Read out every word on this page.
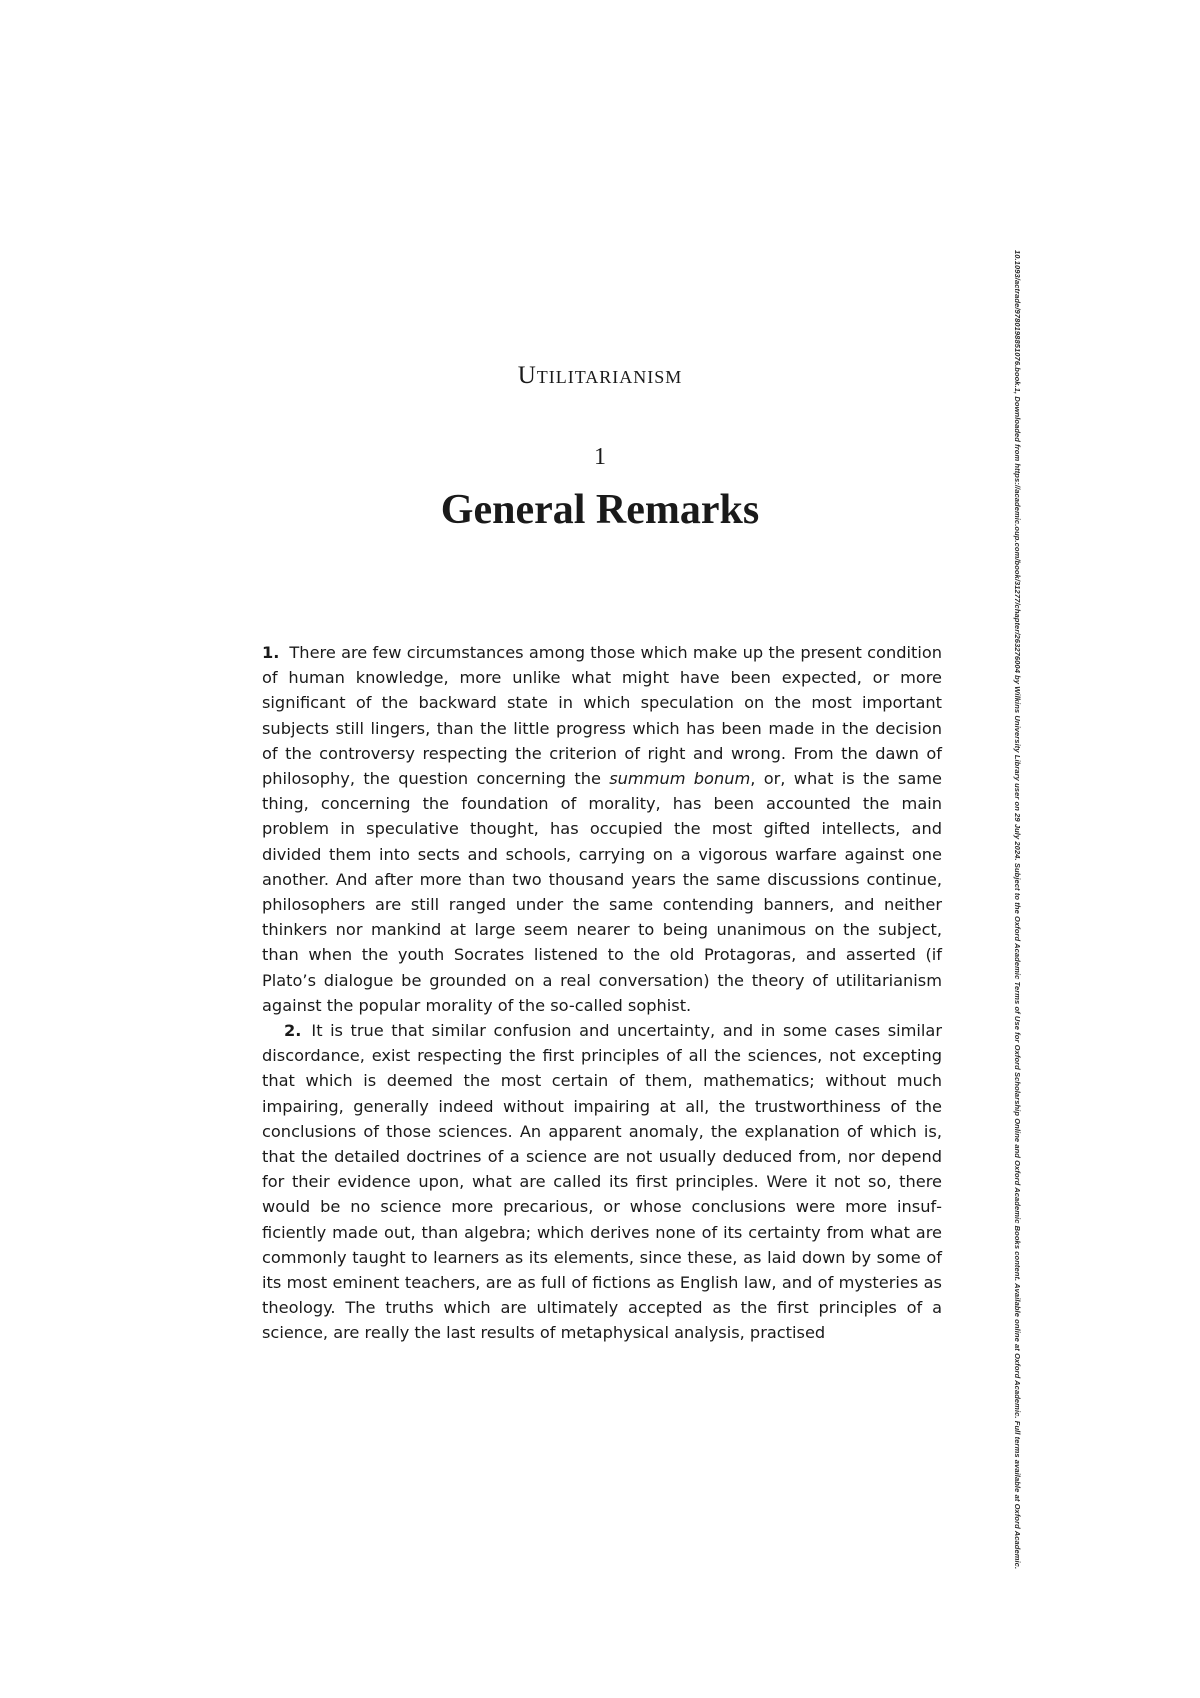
Utilitarianism
1
General Remarks

1. There are few circumstances among those which make up the present condition of human knowledge, more unlike what might have been expected, or more significant of the backward state in which speculation on the most important subjects still lingers, than the little progress which has been made in the decision of the controversy respecting the criterion of right and wrong. From the dawn of philosophy, the question concerning the summum bonum, or, what is the same thing, concerning the foundation of morality, has been accounted the main problem in speculative thought, has occupied the most gifted intellects, and divided them into sects and schools, carrying on a vigorous warfare against one another. And after more than two thousand years the same discussions continue, philosophers are still ranged under the same contending banners, and neither thinkers nor mankind at large seem nearer to being unanimous on the subject, than when the youth Socrates listened to the old Protagoras, and asserted (if Plato’s dialogue be grounded on a real conversation) the theory of utilitarianism against the popular morality of the so-called sophist.

2. It is true that similar confusion and uncertainty, and in some cases similar discordance, exist respecting the first principles of all the sciences, not excepting that which is deemed the most certain of them, mathematics; without much impairing, generally indeed without impairing at all, the trustworthiness of the conclusions of those sciences. An apparent anomaly, the explanation of which is, that the detailed doctrines of a science are not usually deduced from, nor depend for their evidence upon, what are called its first principles. Were it not so, there would be no science more precarious, or whose conclusions were more insufficiently made out, than algebra; which derives none of its certainty from what are commonly taught to learners as its elements, since these, as laid down by some of its most eminent teachers, are as full of fictions as English law, and of mysteries as theology. The truths which are ultimately accepted as the first principles of a science, are really the last results of metaphysical analysis, practised	10.1093/actrade/9780198851076.book.1, Downloaded from https://academic.oup.com/book/31277/chapter/263276004 by Wilkins University Library user on 29 July 2024. Subject to the Oxford Academic Terms of Use for Oxford Scholarship Online and Oxford Academic Books content. Available online at Oxford Academic. Full terms available at Oxford Academic.
